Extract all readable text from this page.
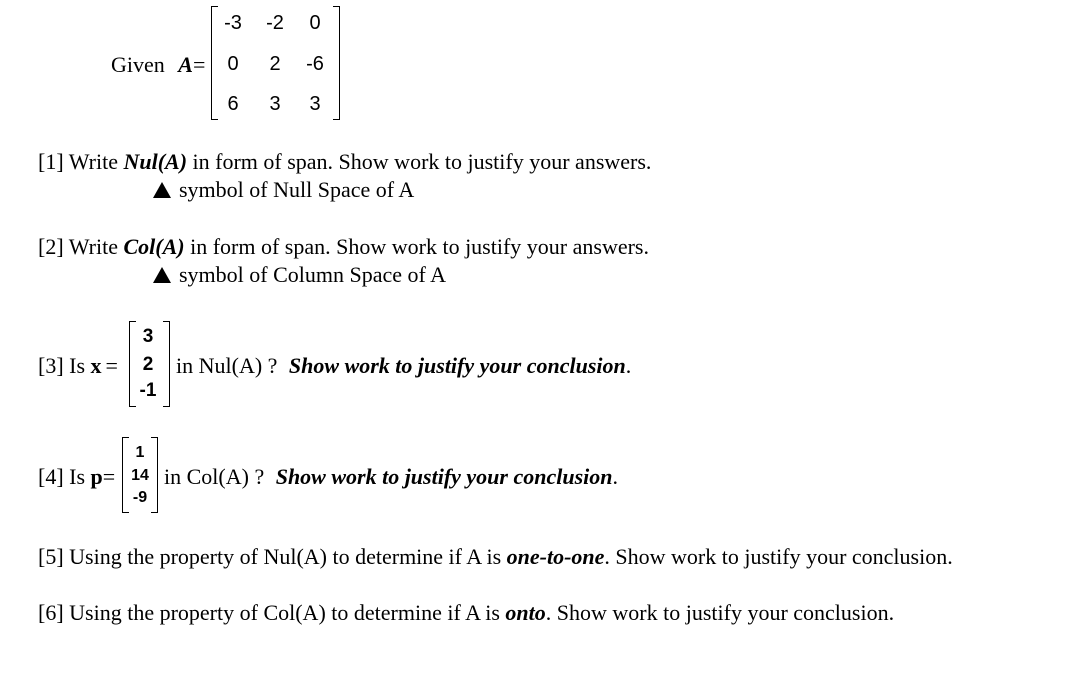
Given A=
-3	-2	0
0	2	-6
6	3	3
[1] Write Nul(A) in form of span. Show work to justify your answers.
symbol of Null Space of A
[2] Write Col(A) in form of span. Show work to justify your answers.
symbol of Column Space of A
[3] Is x =
3
2
-1
in Nul(A) ? Show work to justify your conclusion.
[4] Is p=
1
14
-9
in Col(A) ? Show work to justify your conclusion.
[5] Using the property of Nul(A) to determine if A is one-to-one. Show work to justify your conclusion.
[6] Using the property of Col(A) to determine if A is onto. Show work to justify your conclusion.
